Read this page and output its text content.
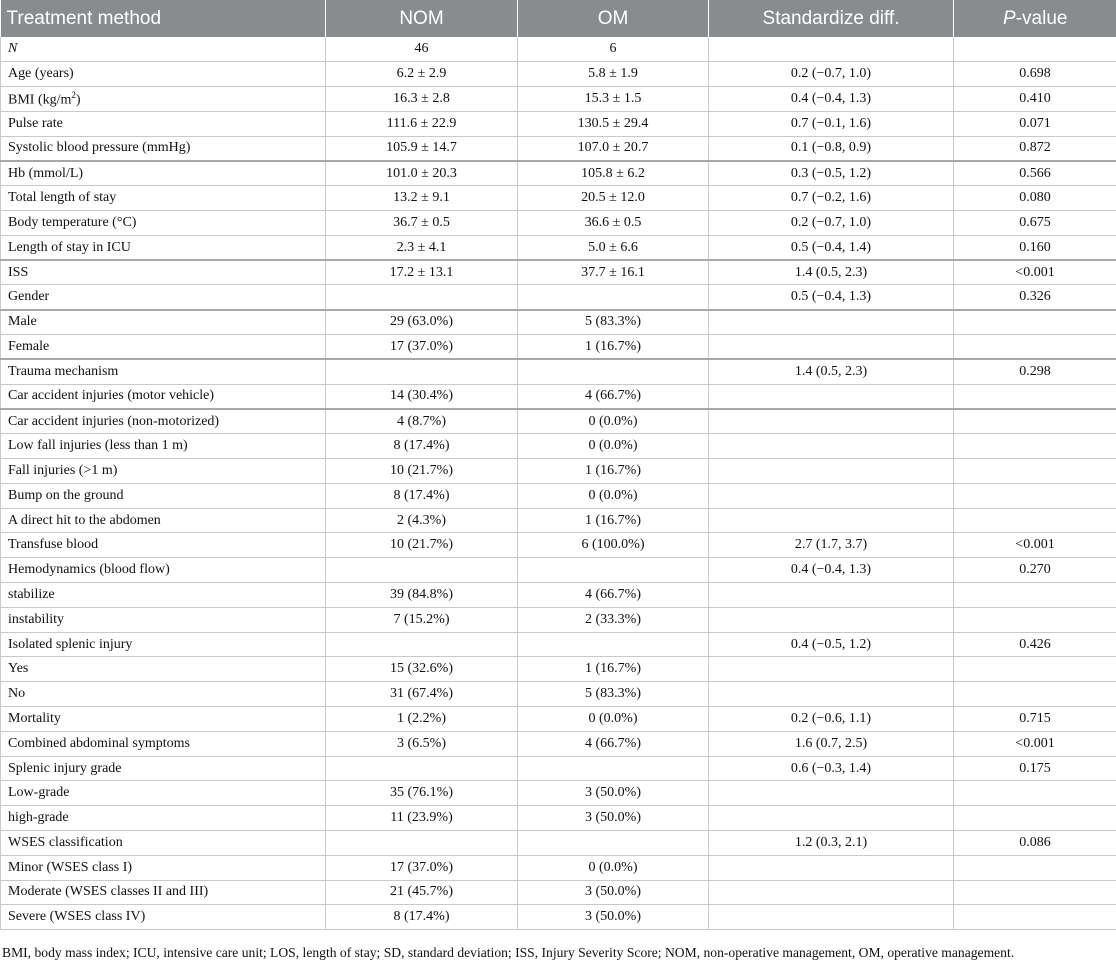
Treatment method	NOM	OM	Standardize diff.	P-value
N	46	6		
Age (years)	6.2 ± 2.9	5.8 ± 1.9	0.2 (−0.7, 1.0)	0.698
BMI $(kg/m^2)$	16.3 ± 2.8	15.3 ± 1.5	0.4 (−0.4, 1.3)	0.410
Pulse rate	111.6 ± 22.9	130.5 ± 29.4	0.7 (−0.1, 1.6)	0.071
Systolic blood pressure (mmHg)	105.9 ± 14.7	107.0 ± 20.7	0.1 (−0.8, 0.9)	0.872
Hb (mmol/L)	101.0 ± 20.3	105.8 ± 6.2	0.3 (−0.5, 1.2)	0.566
Total length of stay	13.2 ± 9.1	20.5 ± 12.0	0.7 (−0.2, 1.6)	0.080
Body temperature (°C)	36.7 ± 0.5	36.6 ± 0.5	0.2 (−0.7, 1.0)	0.675
Length of stay in ICU	2.3 ± 4.1	5.0 ± 6.6	0.5 (−0.4, 1.4)	0.160
ISS	17.2 ± 13.1	37.7 ± 16.1	1.4 (0.5, 2.3)	<0.001
Gender			0.5 (−0.4, 1.3)	0.326
Male	29 (63.0%)	5 (83.3%)		
Female	17 (37.0%)	1 (16.7%)		
Trauma mechanism			1.4 (0.5, 2.3)	0.298
Car accident injuries (motor vehicle)	14 (30.4%)	4 (66.7%)		
Car accident injuries (non-motorized)	4 (8.7%)	0 (0.0%)		
Low fall injuries (less than 1 m)	8 (17.4%)	0 (0.0%)		
Fall injuries (>1 m)	10 (21.7%)	1 (16.7%)		
Bump on the ground	8 (17.4%)	0 (0.0%)		
A direct hit to the abdomen	2 (4.3%)	1 (16.7%)		
Transfuse blood	10 (21.7%)	6 (100.0%)	2.7 (1.7, 3.7)	<0.001
Hemodynamics (blood flow)			0.4 (−0.4, 1.3)	0.270
stabilize	39 (84.8%)	4 (66.7%)		
instability	7 (15.2%)	2 (33.3%)		
Isolated splenic injury			0.4 (−0.5, 1.2)	0.426
Yes	15 (32.6%)	1 (16.7%)		
No	31 (67.4%)	5 (83.3%)		
Mortality	1 (2.2%)	0 (0.0%)	0.2 (−0.6, 1.1)	0.715
Combined abdominal symptoms	3 (6.5%)	4 (66.7%)	1.6 (0.7, 2.5)	<0.001
Splenic injury grade			0.6 (−0.3, 1.4)	0.175
Low-grade	35 (76.1%)	3 (50.0%)		
high-grade	11 (23.9%)	3 (50.0%)		
WSES classification			1.2 (0.3, 2.1)	0.086
Minor (WSES class I)	17 (37.0%)	0 (0.0%)		
Moderate (WSES classes II and III)	21 (45.7%)	3 (50.0%)		
Severe (WSES class IV)	8 (17.4%)	3 (50.0%)		
BMI, body mass index; ICU, intensive care unit; LOS, length of stay; SD, standard deviation; ISS, Injury Severity Score; NOM, non-operative management, OM, operative management.
